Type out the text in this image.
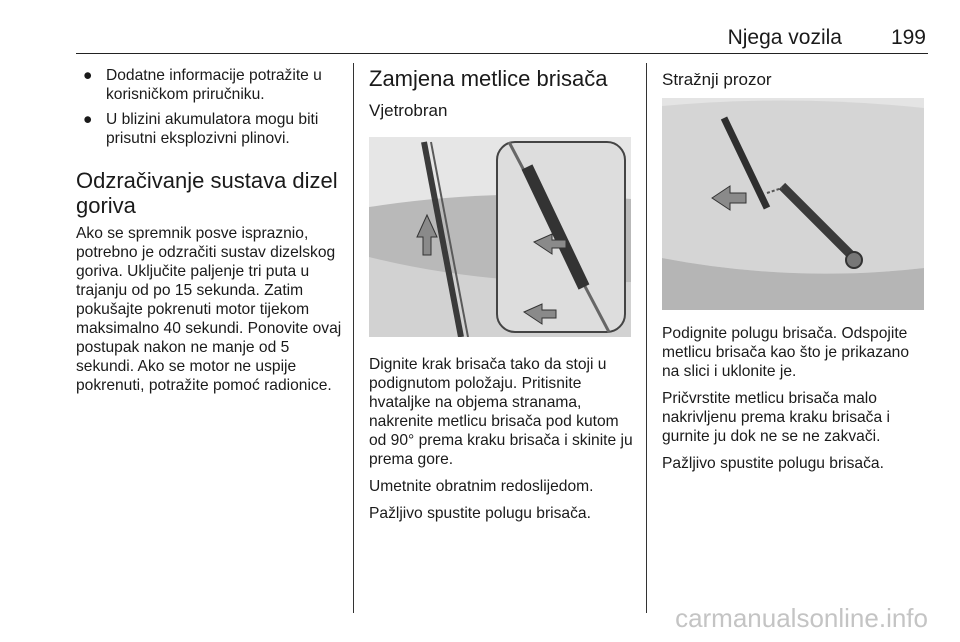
Njega vozila 199
● Dodatne informacije potražite u korisničkom priručniku.
● U blizini akumulatora mogu biti prisutni eksplozivni plinovi.
Odzračivanje sustava dizel goriva

Ako se spremnik posve ispraznio, potrebno je odzračiti sustav dizelskog goriva. Uključite paljenje tri puta u trajanju od po 15 sekunda. Zatim pokušajte pokrenuti motor tijekom maksimalno 40 sekundi. Ponovite ovaj postupak nakon ne manje od 5 sekundi. Ako se motor ne uspije pokrenuti, potražite pomoć radionice.

Zamjena metlice brisača
Vjetrobran

Dignite krak brisača tako da stoji u podignutom položaju. Pritisnite hvataljke na objema stranama, nakrenite metlicu brisača pod kutom od 90° prema kraku brisača i skinite ju prema gore.

Umetnite obratnim redoslijedom.

Pažljivo spustite polugu brisača.

Stražnji prozor

Podignite polugu brisača. Odspojite metlicu brisača kao što je prikazano na slici i uklonite je.

Pričvrstite metlicu brisača malo nakrivljenu prema kraku brisača i gurnite ju dok ne se ne zakvači.

Pažljivo spustite polugu brisača.

carmanualsonline.info
